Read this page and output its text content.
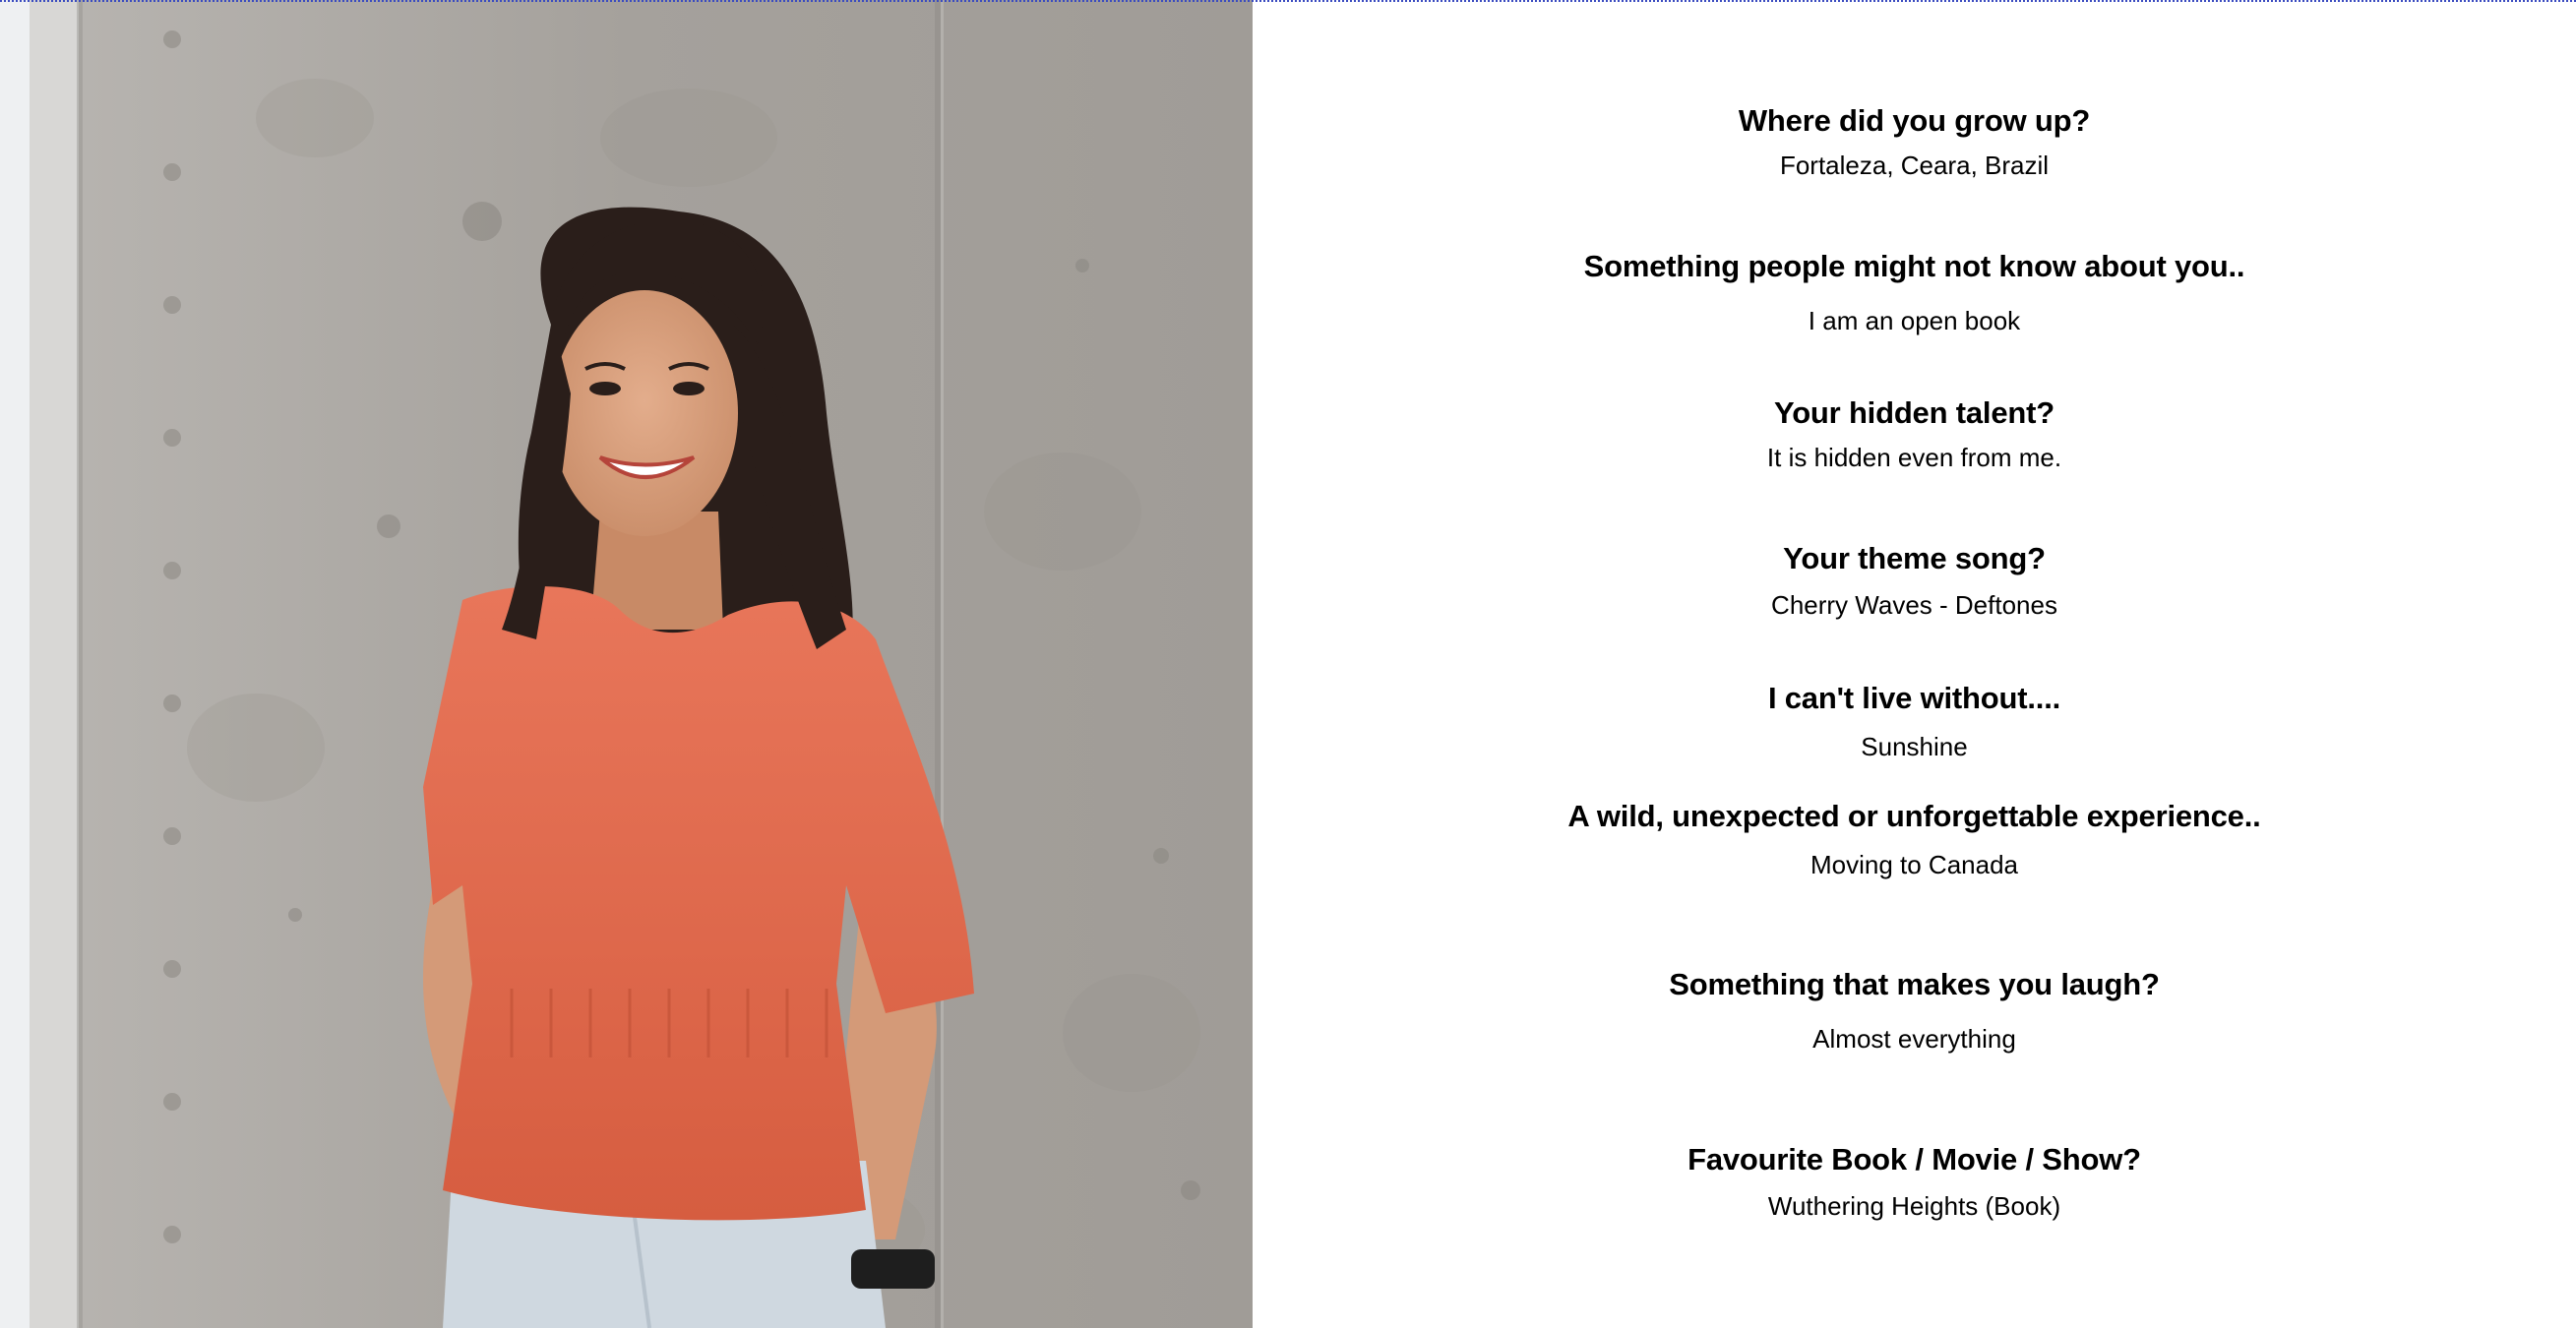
Where did you grow up?
Fortaleza, Ceara, Brazil
Something people might not know about you..
I am an open book
Your hidden talent?
It is hidden even from me.
Your theme song?
Cherry Waves - Deftones
I can't live without....
Sunshine
A wild, unexpected or unforgettable experience..
Moving to Canada
Something that makes you laugh?
Almost everything
Favourite Book / Movie / Show?
Wuthering Heights (Book)
